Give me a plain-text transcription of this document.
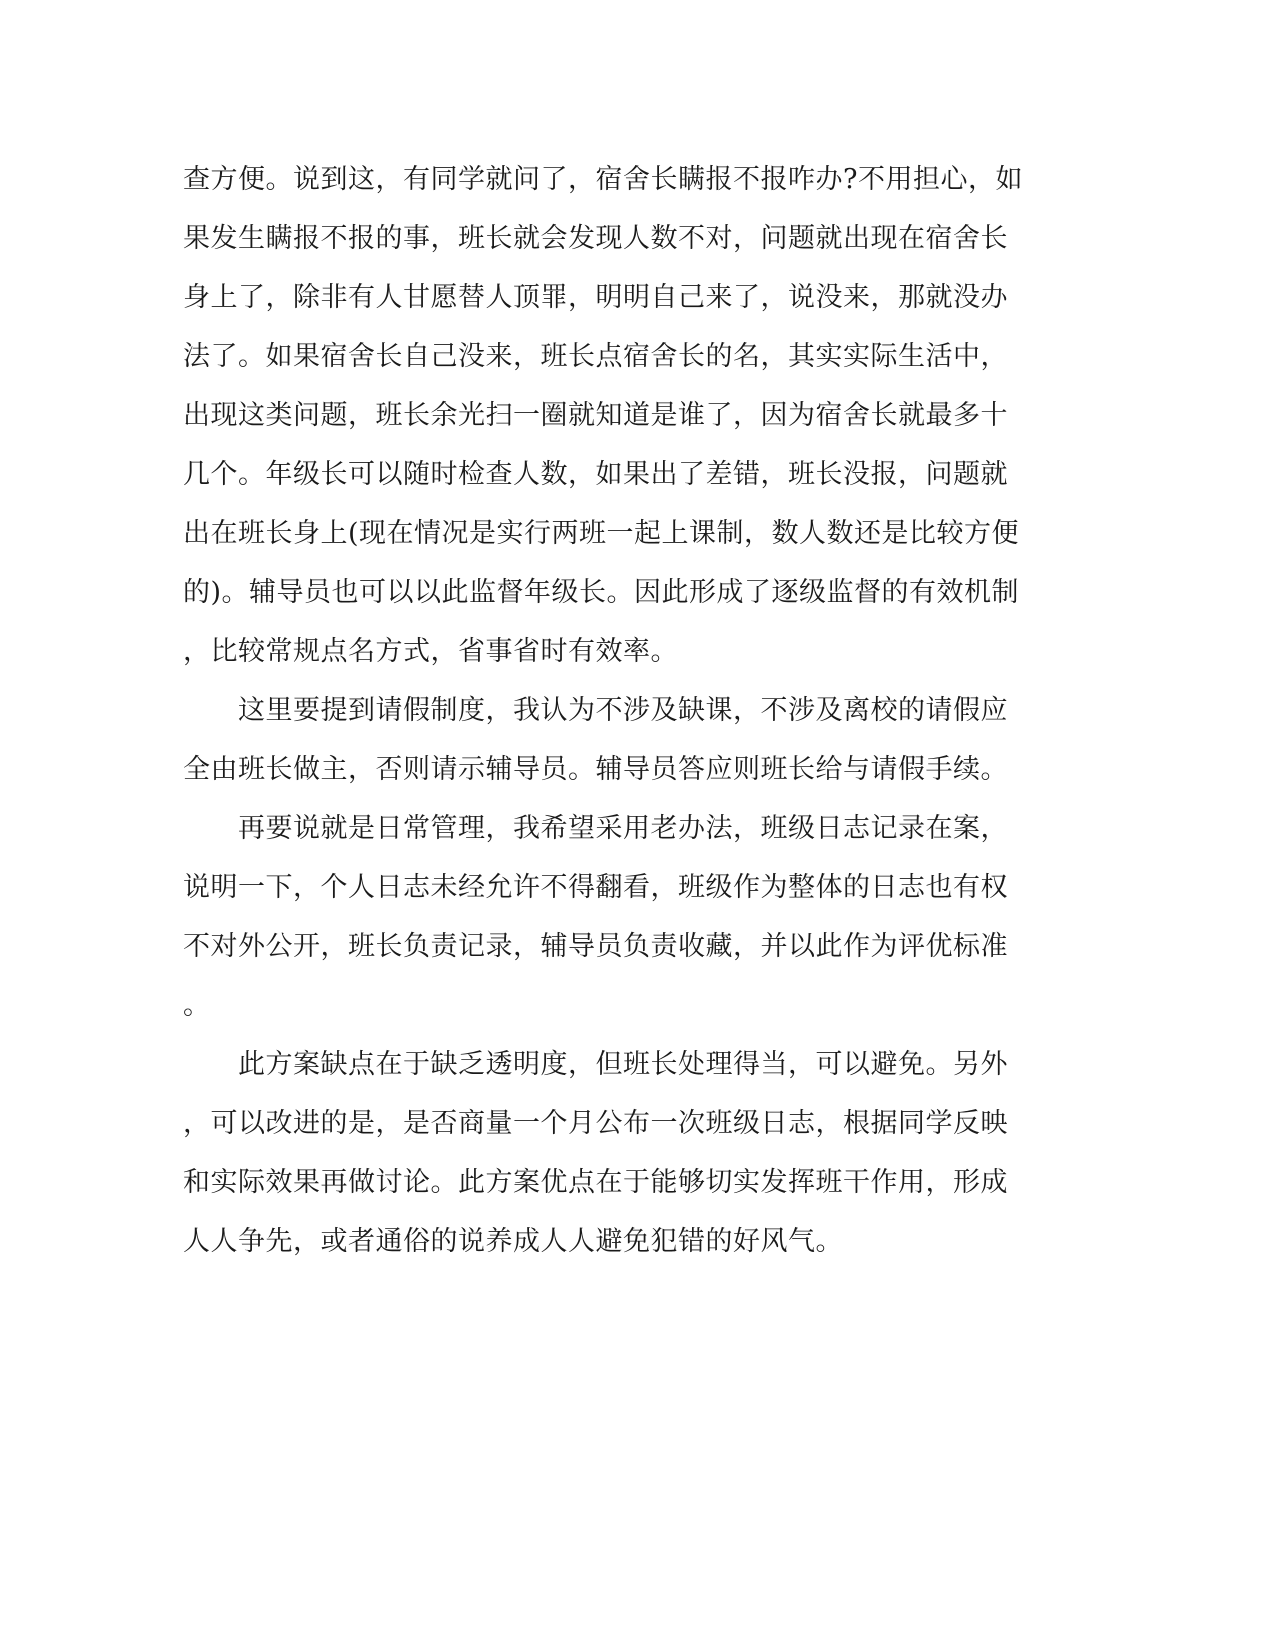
查方便。说到这，有同学就问了，宿舍长瞒报不报咋办?不用担心，如
果发生瞒报不报的事，班长就会发现人数不对，问题就出现在宿舍长
身上了，除非有人甘愿替人顶罪，明明自己来了，说没来，那就没办
法了。如果宿舍长自己没来，班长点宿舍长的名，其实实际生活中，
出现这类问题，班长余光扫一圈就知道是谁了，因为宿舍长就最多十
几个。年级长可以随时检查人数，如果出了差错，班长没报，问题就
出在班长身上(现在情况是实行两班一起上课制，数人数还是比较方便
的)。辅导员也可以以此监督年级长。因此形成了逐级监督的有效机制
，比较常规点名方式，省事省时有效率。
　　这里要提到请假制度，我认为不涉及缺课，不涉及离校的请假应
全由班长做主，否则请示辅导员。辅导员答应则班长给与请假手续。
　　再要说就是日常管理，我希望采用老办法，班级日志记录在案，
说明一下，个人日志未经允许不得翻看，班级作为整体的日志也有权
不对外公开，班长负责记录，辅导员负责收藏，并以此作为评优标准
。
　　此方案缺点在于缺乏透明度，但班长处理得当，可以避免。另外
，可以改进的是，是否商量一个月公布一次班级日志，根据同学反映
和实际效果再做讨论。此方案优点在于能够切实发挥班干作用，形成
人人争先，或者通俗的说养成人人避免犯错的好风气。
